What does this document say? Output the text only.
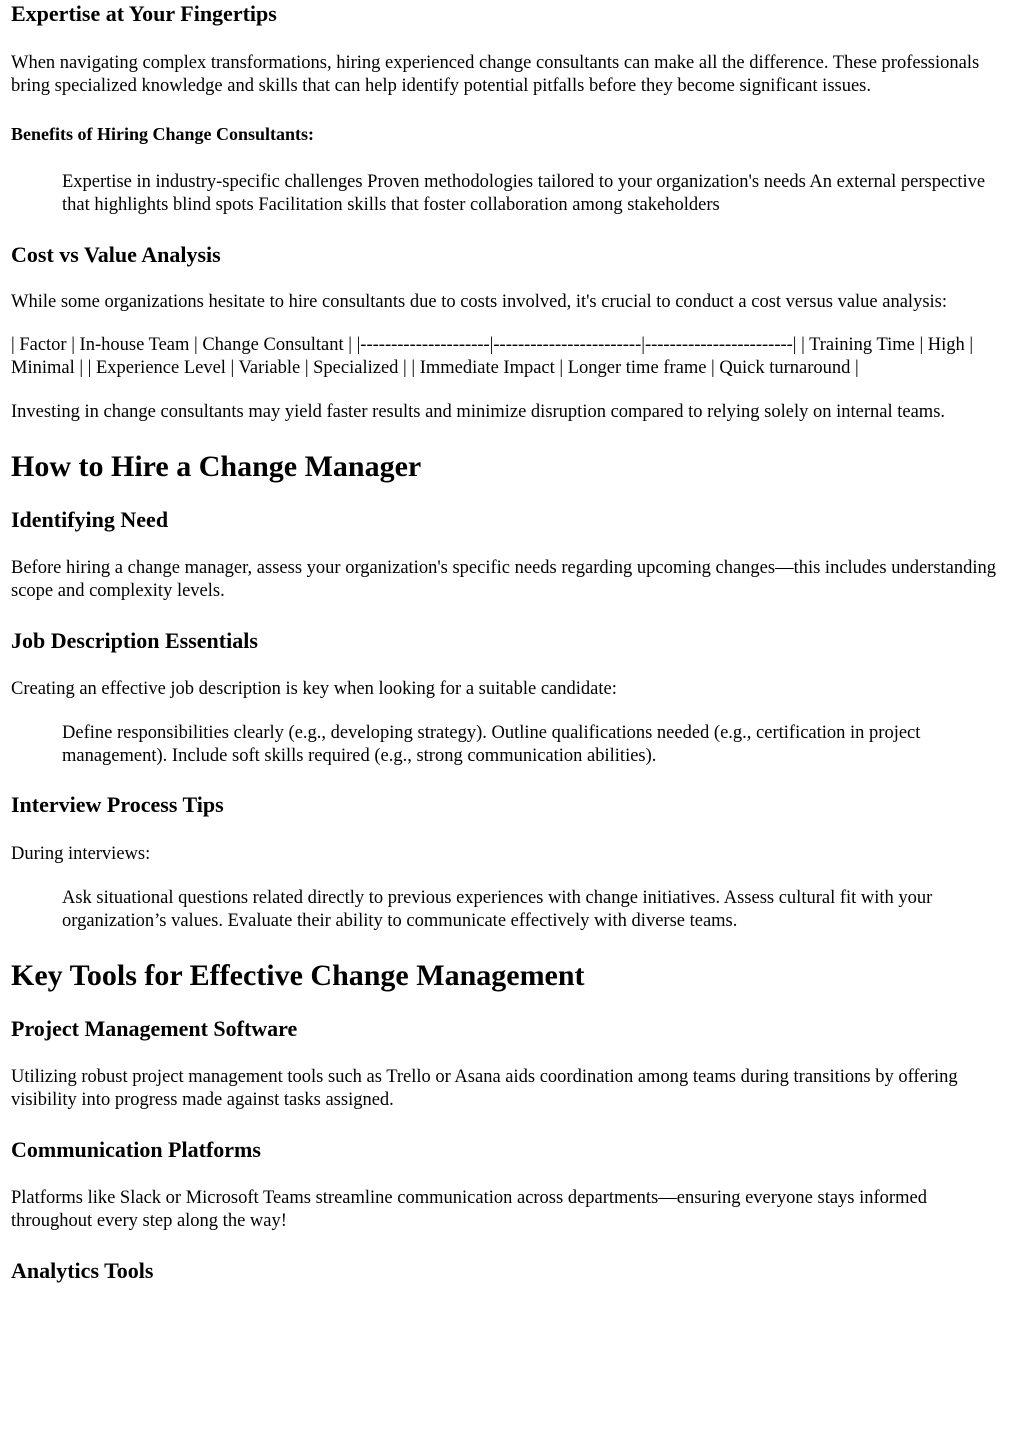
Expertise at Your Fingertips

When navigating complex transformations, hiring experienced change consultants can make all the difference. These professionals bring specialized knowledge and skills that can help identify potential pitfalls before they become significant issues.

Benefits of Hiring Change Consultants:
Expertise in industry-specific challenges Proven methodologies tailored to your organization's needs An external perspective that highlights blind spots Facilitation skills that foster collaboration among stakeholders
Cost vs Value Analysis

While some organizations hesitate to hire consultants due to costs involved, it's crucial to conduct a cost versus value analysis:

| Factor | In-house Team | Change Consultant | |---------------------|------------------------|------------------------| | Training Time | High | Minimal | | Experience Level | Variable | Specialized | | Immediate Impact | Longer time frame | Quick turnaround |

Investing in change consultants may yield faster results and minimize disruption compared to relying solely on internal teams.

How to Hire a Change Manager
Identifying Need

Before hiring a change manager, assess your organization's specific needs regarding upcoming changes—this includes understanding scope and complexity levels.

Job Description Essentials

Creating an effective job description is key when looking for a suitable candidate:

Define responsibilities clearly (e.g., developing strategy). Outline qualifications needed (e.g., certification in project management). Include soft skills required (e.g., strong communication abilities).
Interview Process Tips

During interviews:

Ask situational questions related directly to previous experiences with change initiatives. Assess cultural fit with your organization’s values. Evaluate their ability to communicate effectively with diverse teams.
Key Tools for Effective Change Management
Project Management Software

Utilizing robust project management tools such as Trello or Asana aids coordination among teams during transitions by offering visibility into progress made against tasks assigned.

Communication Platforms

Platforms like Slack or Microsoft Teams streamline communication across departments—ensuring everyone stays informed throughout every step along the way!

Analytics Tools
